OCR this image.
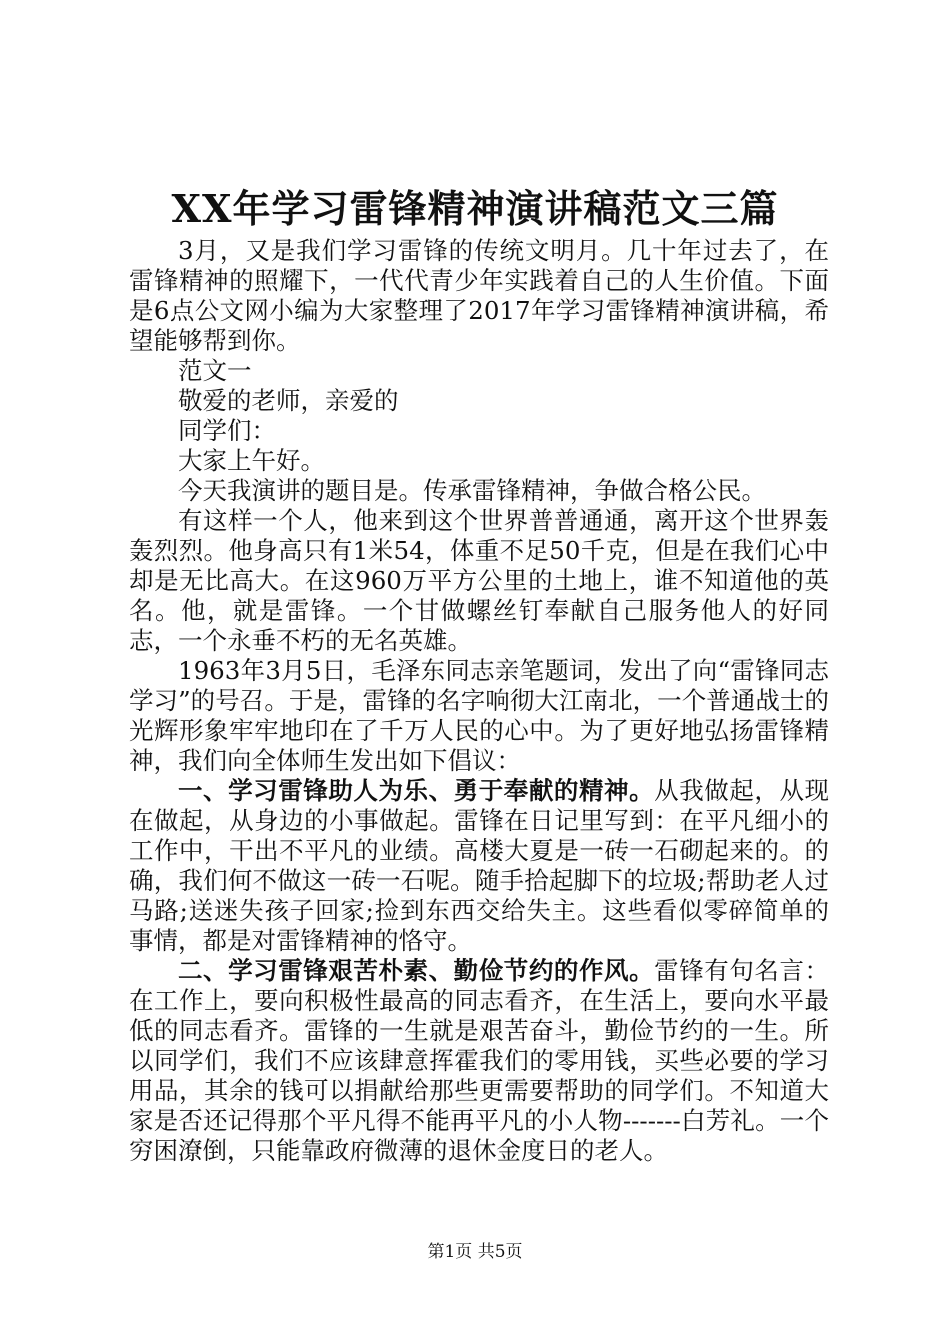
XX年学习雷锋精神演讲稿范文三篇

3月，又是我们学习雷锋的传统文明月。几十年过去了，在雷锋精神的照耀下，一代代青少年实践着自己的人生价值。下面是6点公文网小编为大家整理了2017年学习雷锋精神演讲稿，希望能够帮到你。

范文一

敬爱的老师，亲爱的

同学们：

大家上午好。

今天我演讲的题目是。传承雷锋精神，争做合格公民。

有这样一个人，他来到这个世界普普通通，离开这个世界轰轰烈烈。他身高只有1米54，体重不足50千克，但是在我们心中却是无比高大。在这960万平方公里的土地上，谁不知道他的英名。他，就是雷锋。一个甘做螺丝钉奉献自己服务他人的好同志，一个永垂不朽的无名英雄。

1963年3月5日，毛泽东同志亲笔题词，发出了向“雷锋同志学习”的号召。于是，雷锋的名字响彻大江南北，一个普通战士的光辉形象牢牢地印在了千万人民的心中。为了更好地弘扬雷锋精神，我们向全体师生发出如下倡议：

一、学习雷锋助人为乐、勇于奉献的精神。从我做起，从现在做起，从身边的小事做起。雷锋在日记里写到：在平凡细小的工作中，干出不平凡的业绩。高楼大夏是一砖一石砌起来的。的确，我们何不做这一砖一石呢。随手拾起脚下的垃圾;帮助老人过马路;送迷失孩子回家;捡到东西交给失主。这些看似零碎简单的事情，都是对雷锋精神的恪守。

二、学习雷锋艰苦朴素、勤俭节约的作风。雷锋有句名言：在工作上，要向积极性最高的同志看齐，在生活上，要向水平最低的同志看齐。雷锋的一生就是艰苦奋斗，勤俭节约的一生。所以同学们，我们不应该肆意挥霍我们的零用钱，买些必要的学习用品，其余的钱可以捐献给那些更需要帮助的同学们。不知道大家是否还记得那个平凡得不能再平凡的小人物-------白芳礼。一个穷困潦倒，只能靠政府微薄的退休金度日的老人。

第1页 共5页
